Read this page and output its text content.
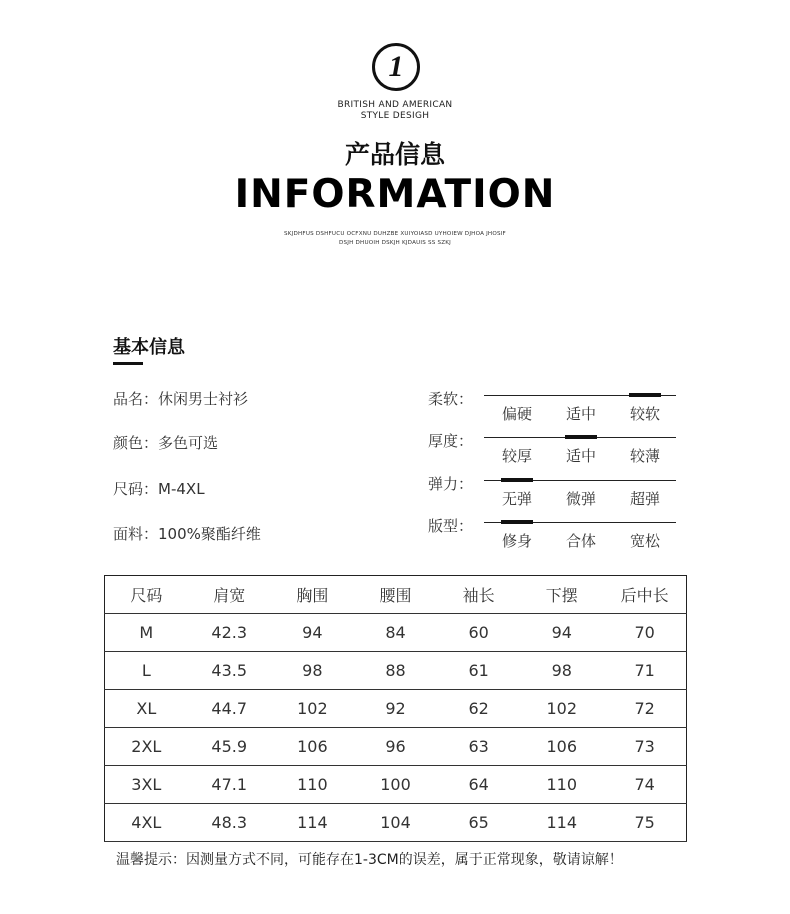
1
BRITISH AND AMERICAN
STYLE DESIGH
产品信息
INFORMATION
SKJDHFUS DSHFUCU OCFXNU DUHZBE XUIYOIASD UYHOIEW DJHOA JHOSIF
DSJH DHUOIH DSKJH KJDAUIS SS SZKJ
基本信息
品名：休闲男士衬衫
颜色：多色可选
尺码：M-4XL
面料：100%聚酯纤维
柔软：
偏硬	适中	较软
厚度：
较厚	适中	较薄
弹力：
无弹	微弹	超弹
版型：
修身	合体	宽松
尺码	肩宽	胸围	腰围	袖长	下摆	后中长
M	42.3	94	84	60	94	70
L	43.5	98	88	61	98	71
XL	44.7	102	92	62	102	72
2XL	45.9	106	96	63	106	73
3XL	47.1	110	100	64	110	74
4XL	48.3	114	104	65	114	75
温馨提示：因测量方式不同，可能存在1-3CM的误差，属于正常现象，敬请谅解！
